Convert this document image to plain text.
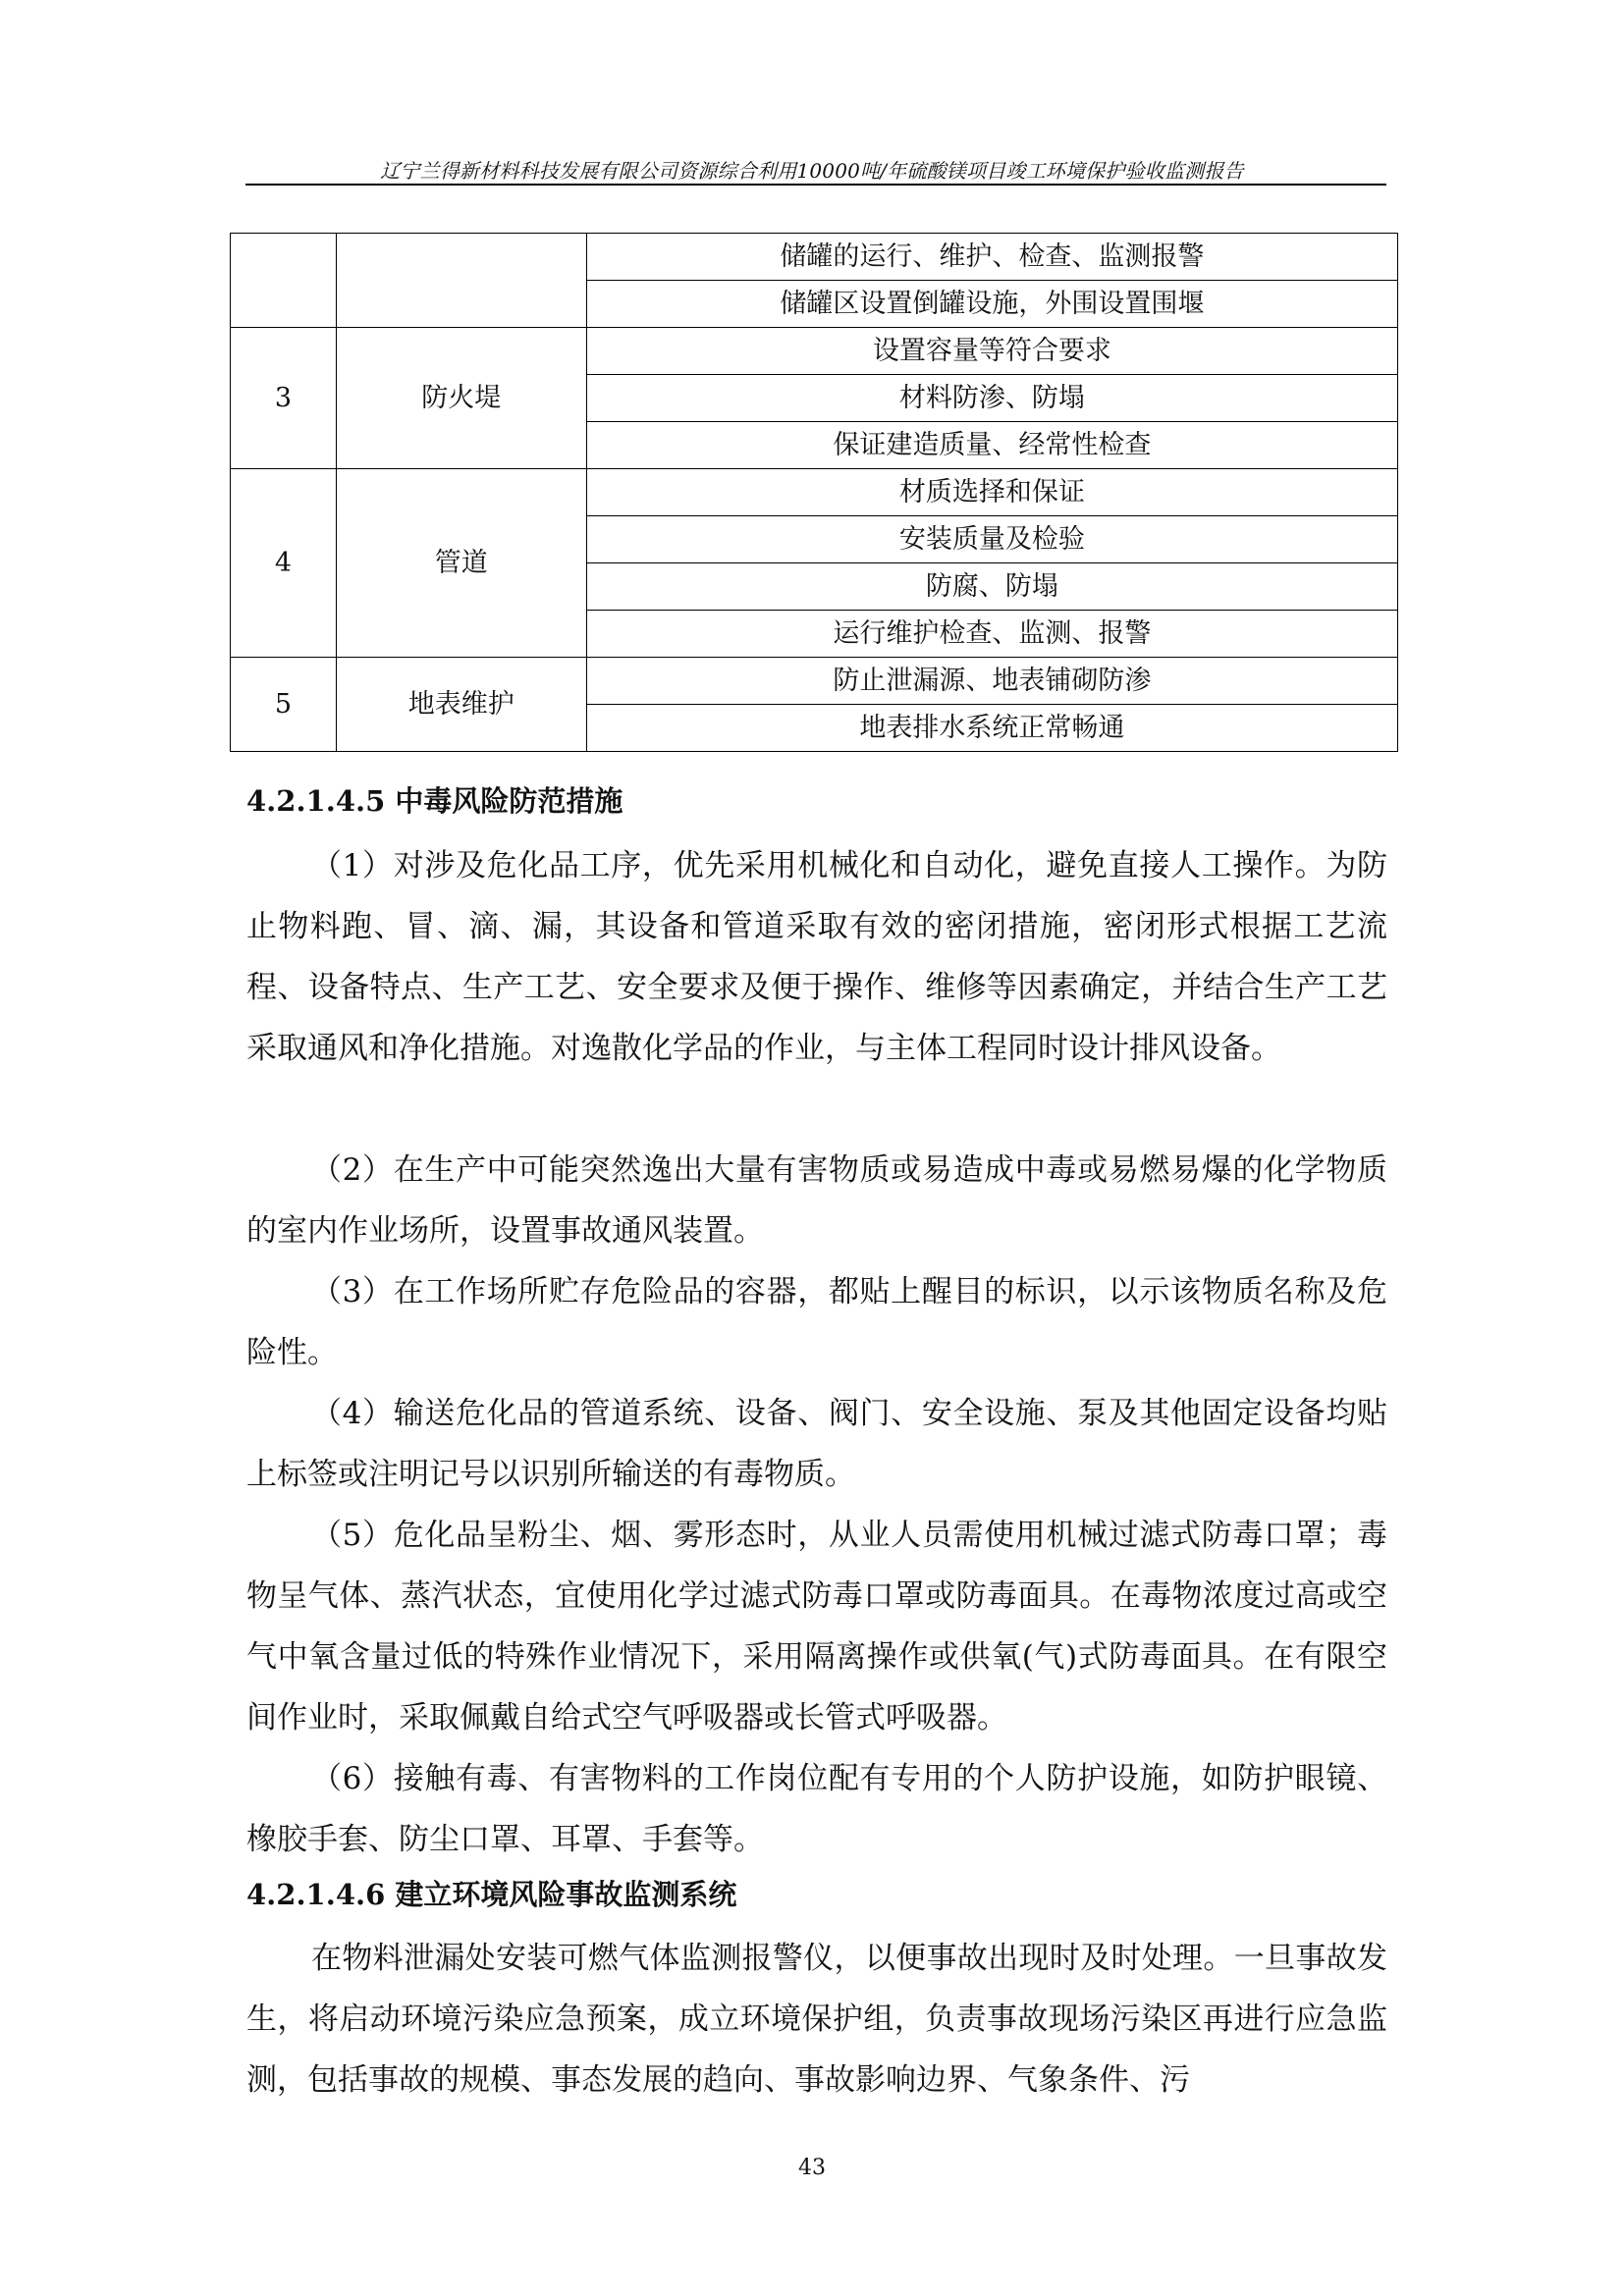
辽宁兰得新材料科技发展有限公司资源综合利用10000吨/年硫酸镁项目竣工环境保护验收监测报告
		储罐的运行、维护、检查、监测报警
		储罐区设置倒罐设施，外围设置围堰
3	防火堤	设置容量等符合要求
		材料防渗、防塌
		保证建造质量、经常性检查
4	管道	材质选择和保证
		安装质量及检验
		防腐、防塌
		运行维护检查、监测、报警
5	地表维护	防止泄漏源、地表铺砌防渗
		地表排水系统正常畅通
4.2.1.4.5 中毒风险防范措施

（1）对涉及危化品工序，优先采用机械化和自动化，避免直接人工操作。为防止物料跑、冒、滴、漏，其设备和管道采取有效的密闭措施，密闭形式根据工艺流程、设备特点、生产工艺、安全要求及便于操作、维修等因素确定，并结合生产工艺采取通风和净化措施。对逸散化学品的作业，与主体工程同时设计排风设备。

（2）在生产中可能突然逸出大量有害物质或易造成中毒或易燃易爆的化学物质的室内作业场所，设置事故通风装置。

（3）在工作场所贮存危险品的容器，都贴上醒目的标识，以示该物质名称及危险性。

（4）输送危化品的管道系统、设备、阀门、安全设施、泵及其他固定设备均贴上标签或注明记号以识别所输送的有毒物质。

（5）危化品呈粉尘、烟、雾形态时，从业人员需使用机械过滤式防毒口罩；毒物呈气体、蒸汽状态，宜使用化学过滤式防毒口罩或防毒面具。在毒物浓度过高或空气中氧含量过低的特殊作业情况下，采用隔离操作或供氧(气)式防毒面具。在有限空间作业时，采取佩戴自给式空气呼吸器或长管式呼吸器。

（6）接触有毒、有害物料的工作岗位配有专用的个人防护设施，如防护眼镜、橡胶手套、防尘口罩、耳罩、手套等。

4.2.1.4.6 建立环境风险事故监测系统

在物料泄漏处安装可燃气体监测报警仪，以便事故出现时及时处理。一旦事故发生，将启动环境污染应急预案，成立环境保护组，负责事故现场污染区再进行应急监测，包括事故的规模、事态发展的趋向、事故影响边界、气象条件、污

43
